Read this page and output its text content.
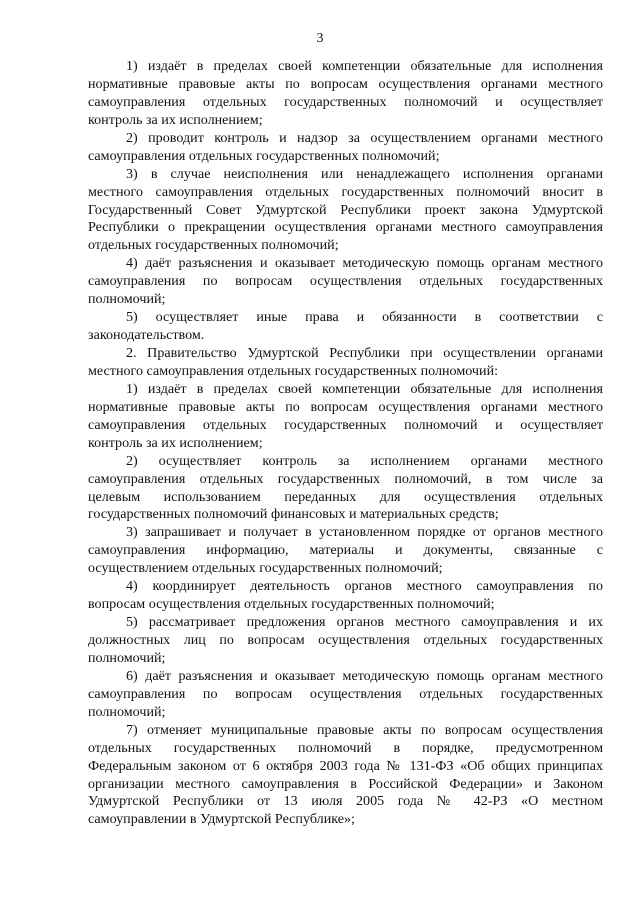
3
1) издаёт в пределах своей компетенции обязательные для исполнения
нормативные правовые акты по вопросам осуществления органами местного
самоуправления отдельных государственных полномочий и осуществляет
контроль за их исполнением;
2) проводит контроль и надзор за осуществлением органами местного
самоуправления отдельных государственных полномочий;
3) в случае неисполнения или ненадлежащего исполнения органами
местного самоуправления отдельных государственных полномочий вносит в
Государственный Совет Удмуртской Республики проект закона Удмуртской
Республики о прекращении осуществления органами местного самоуправления
отдельных государственных полномочий;
4) даёт разъяснения и оказывает методическую помощь органам местного
самоуправления по вопросам осуществления отдельных государственных
полномочий;
5) осуществляет иные права и обязанности в соответствии с
законодательством.
2. Правительство Удмуртской Республики при осуществлении органами
местного самоуправления отдельных государственных полномочий:
1) издаёт в пределах своей компетенции обязательные для исполнения
нормативные правовые акты по вопросам осуществления органами местного
самоуправления отдельных государственных полномочий и осуществляет
контроль за их исполнением;
2) осуществляет контроль за исполнением органами местного
самоуправления отдельных государственных полномочий, в том числе за
целевым использованием переданных для осуществления отдельных
государственных полномочий финансовых и материальных средств;
3) запрашивает и получает в установленном порядке от органов местного
самоуправления информацию, материалы и документы, связанные с
осуществлением отдельных государственных полномочий;
4) координирует деятельность органов местного самоуправления по
вопросам осуществления отдельных государственных полномочий;
5) рассматривает предложения органов местного самоуправления и их
должностных лиц по вопросам осуществления отдельных государственных
полномочий;
6) даёт разъяснения и оказывает методическую помощь органам местного
самоуправления по вопросам осуществления отдельных государственных
полномочий;
7) отменяет муниципальные правовые акты по вопросам осуществления
отдельных государственных полномочий в порядке, предусмотренном
Федеральным законом от 6 октября 2003 года № 131-ФЗ «Об общих принципах
организации местного самоуправления в Российской Федерации» и Законом
Удмуртской Республики от 13 июля 2005 года № 42-РЗ «О местном
самоуправлении в Удмуртской Республике»;
